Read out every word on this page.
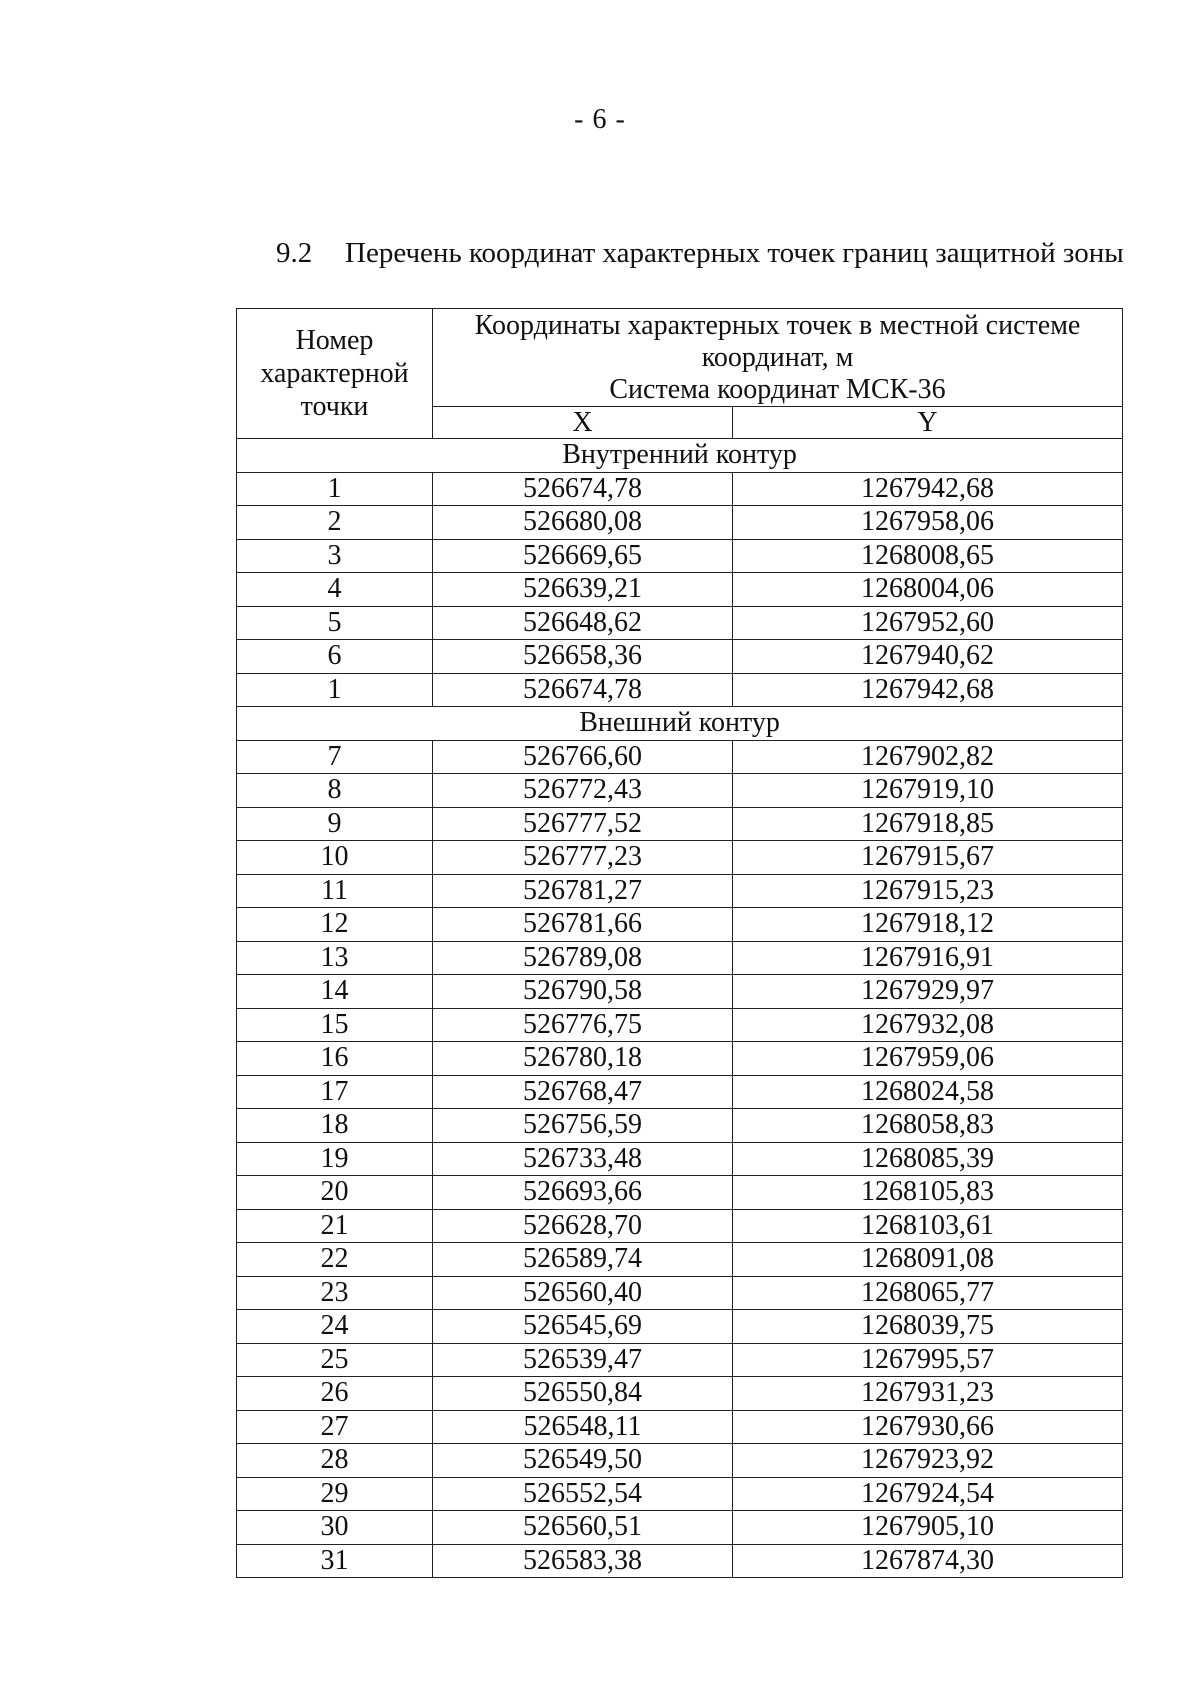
- 6 -
9.2 Перечень координат характерных точек границ защитной зоны
Номер характерной точки	Координаты характерных точек в местной системе
координат, м
Система координат МСК-36	

	X	Y
Внутренний контур		
1	526674,78	1267942,68
2	526680,08	1267958,06
3	526669,65	1268008,65
4	526639,21	1268004,06
5	526648,62	1267952,60
6	526658,36	1267940,62
1	526674,78	1267942,68
Внешний контур		
7	526766,60	1267902,82
8	526772,43	1267919,10
9	526777,52	1267918,85
10	526777,23	1267915,67
11	526781,27	1267915,23
12	526781,66	1267918,12
13	526789,08	1267916,91
14	526790,58	1267929,97
15	526776,75	1267932,08
16	526780,18	1267959,06
17	526768,47	1268024,58
18	526756,59	1268058,83
19	526733,48	1268085,39
20	526693,66	1268105,83
21	526628,70	1268103,61
22	526589,74	1268091,08
23	526560,40	1268065,77
24	526545,69	1268039,75
25	526539,47	1267995,57
26	526550,84	1267931,23
27	526548,11	1267930,66
28	526549,50	1267923,92
29	526552,54	1267924,54
30	526560,51	1267905,10
31	526583,38	1267874,30
